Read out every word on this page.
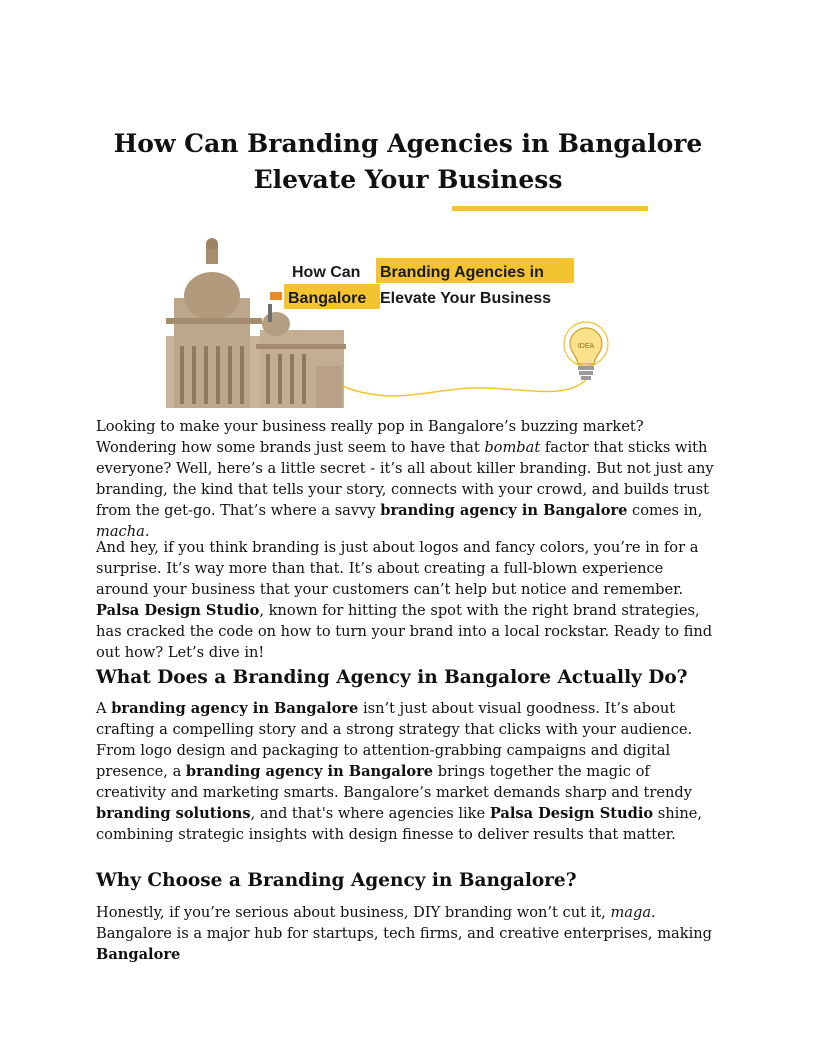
How Can Branding Agencies in Bangalore
Elevate Your Business
How Can Branding Agencies in
Bangalore Elevate Your Business
IDEA

Looking to make your business really pop in Bangalore’s buzzing market? Wondering how some brands just seem to have that bombat factor that sticks with everyone? Well, here’s a little secret - it’s all about killer branding. But not just any branding, the kind that tells your story, connects with your crowd, and builds trust from the get-go. That’s where a savvy branding agency in Bangalore comes in, macha.

And hey, if you think branding is just about logos and fancy colors, you’re in for a surprise. It’s way more than that. It’s about creating a full-blown experience around your business that your customers can’t help but notice and remember. Palsa Design Studio, known for hitting the spot with the right brand strategies, has cracked the code on how to turn your brand into a local rockstar. Ready to find out how? Let’s dive in!

What Does a Branding Agency in Bangalore Actually Do?

A branding agency in Bangalore isn’t just about visual goodness. It’s about crafting a compelling story and a strong strategy that clicks with your audience. From logo design and packaging to attention-grabbing campaigns and digital presence, a branding agency in Bangalore brings together the magic of creativity and marketing smarts. Bangalore’s market demands sharp and trendy branding solutions, and that's where agencies like Palsa Design Studio shine, combining strategic insights with design finesse to deliver results that matter.

Why Choose a Branding Agency in Bangalore?

Honestly, if you’re serious about business, DIY branding won’t cut it, maga. Bangalore is a major hub for startups, tech firms, and creative enterprises, making Bangalore
